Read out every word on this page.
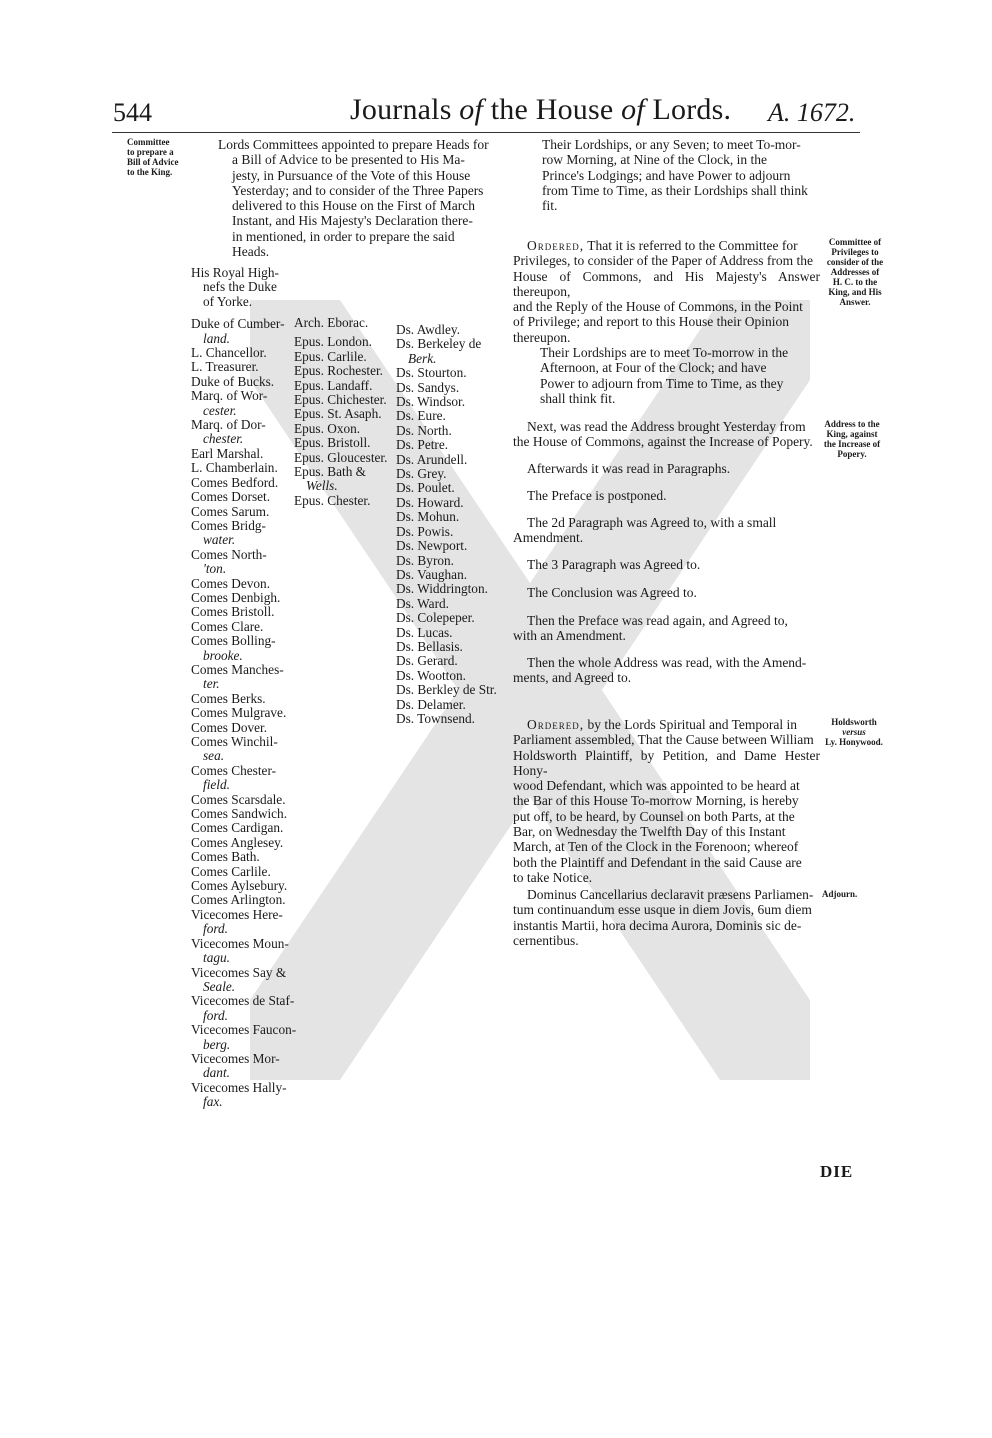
544	Journals of the House of Lords. A. 1672.
Committee
to prepare a
Bill of Advice
to the King.
Committee of
Privileges to
consider of the
Addresses of
H. C. to the
King, and His
Answer.
Address to the
King, against
the Increase of
Popery.
Holdsworth
versus
Ly. Honywood.
Adjourn.
Lords Committees appointed to prepare Heads for
a Bill of Advice to be presented to His Ma-
jesty, in Pursuance of the Vote of this House
Yesterday; and to consider of the Three Papers
delivered to this House on the First of March
Instant, and His Majesty's Declaration there-
in mentioned, in order to prepare the said
Heads.
His Royal High-
nefs the Duke
of Yorke.
Duke of Cumber-
land.
L. Chancellor.
L. Treasurer.
Duke of Bucks.
Marq. of Wor-
cester.
Marq. of Dor-
chester.
Earl Marshal.
L. Chamberlain.
Comes Bedford.
Comes Dorset.
Comes Sarum.
Comes Bridg-
water.
Comes North-
'ton.
Comes Devon.
Comes Denbigh.
Comes Bristoll.
Comes Clare.
Comes Bolling-
brooke.
Comes Manches-
ter.
Comes Berks.
Comes Mulgrave.
Comes Dover.
Comes Winchil-
sea.
Comes Chester-
field.
Comes Scarsdale.
Comes Sandwich.
Comes Cardigan.
Comes Anglesey.
Comes Bath.
Comes Carlile.
Comes Aylsebury.
Comes Arlington.
Vicecomes Here-
ford.
Vicecomes Moun-
tagu.
Vicecomes Say &
Seale.
Vicecomes de Staf-
ford.
Vicecomes Faucon-
berg.
Vicecomes Mor-
dant.
Vicecomes Hally-
fax.
Arch. Eborac.
Epus. London.
Epus. Carlile.
Epus. Rochester.
Epus. Landaff.
Epus. Chichester.
Epus. St. Asaph.
Epus. Oxon.
Epus. Bristoll.
Epus. Gloucester.
Epus. Bath &
Wells.
Epus. Chester.
Ds. Awdley.
Ds. Berkeley de
Berk.
Ds. Stourton.
Ds. Sandys.
Ds. Windsor.
Ds. Eure.
Ds. North.
Ds. Petre.
Ds. Arundell.
Ds. Grey.
Ds. Poulet.
Ds. Howard.
Ds. Mohun.
Ds. Powis.
Ds. Newport.
Ds. Byron.
Ds. Vaughan.
Ds. Widdrington.
Ds. Ward.
Ds. Colepeper.
Ds. Lucas.
Ds. Bellasis.
Ds. Gerard.
Ds. Wootton.
Ds. Berkley de Str.
Ds. Delamer.
Ds. Townsend.
Their Lordships, or any Seven; to meet To-mor-
row Morning, at Nine of the Clock, in the
Prince's Lodgings; and have Power to adjourn
from Time to Time, as their Lordships shall think
fit.
Ordered, That it is referred to the Committee for
Privileges, to consider of the Paper of Address from the
House of Commons, and His Majesty's Answer thereupon,
and the Reply of the House of Commons, in the Point
of Privilege; and report to this House their Opinion
thereupon.
Their Lordships are to meet To-morrow in the
Afternoon, at Four of the Clock; and have
Power to adjourn from Time to Time, as they
shall think fit.
Next, was read the Address brought Yesterday from
the House of Commons, against the Increase of Popery.
Afterwards it was read in Paragraphs.
The Preface is postponed.
The 2d Paragraph was Agreed to, with a small
Amendment.
The 3 Paragraph was Agreed to.
The Conclusion was Agreed to.
Then the Preface was read again, and Agreed to,
with an Amendment.
Then the whole Address was read, with the Amend-
ments, and Agreed to.
Ordered, by the Lords Spiritual and Temporal in
Parliament assembled, That the Cause between William
Holdsworth Plaintiff, by Petition, and Dame Hester Hony-
wood Defendant, which was appointed to be heard at
the Bar of this House To-morrow Morning, is hereby
put off, to be heard, by Counsel on both Parts, at the
Bar, on Wednesday the Twelfth Day of this Instant
March, at Ten of the Clock in the Forenoon; whereof
both the Plaintiff and Defendant in the said Cause are
to take Notice.
Dominus Cancellarius declaravit præsens Parliamen-
tum continuandum esse usque in diem Jovis, 6um diem
instantis Martii, hora decima Aurora, Dominis sic de-
cernentibus.
DIE
